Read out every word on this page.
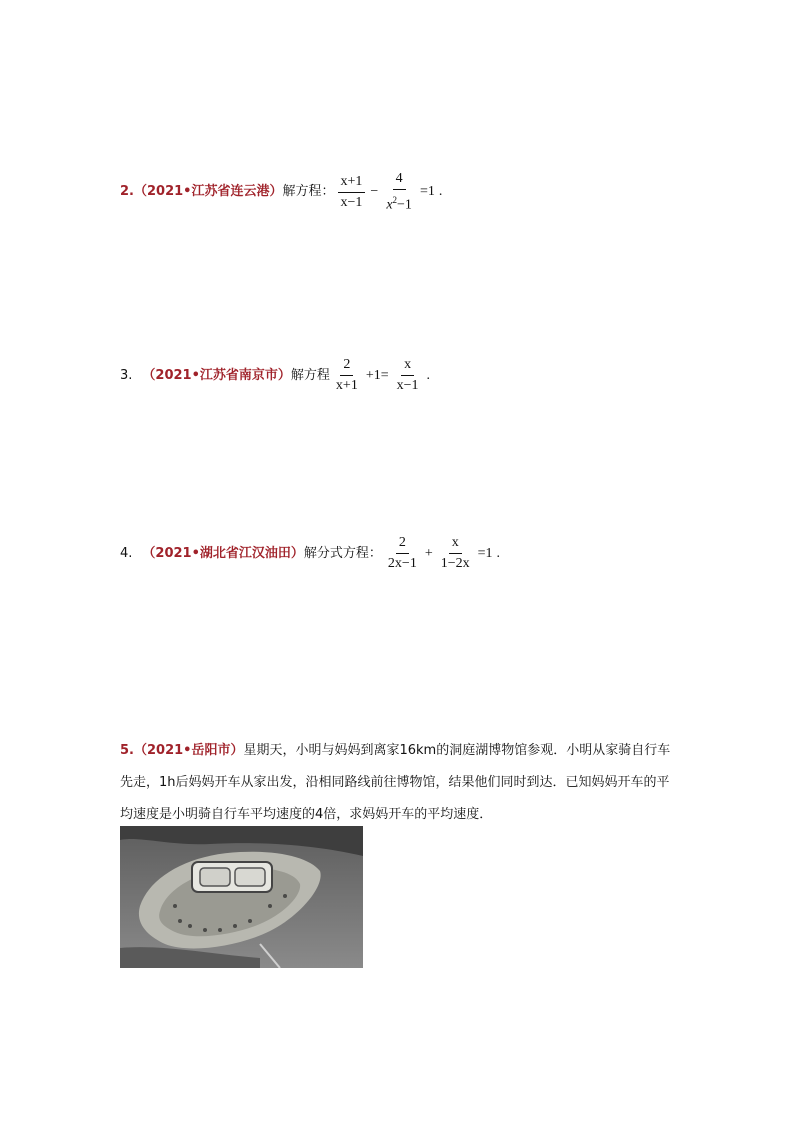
2. （2021•江苏省连云港） 解方程： $\frac{x+1}{x-1} - \frac{4}{x^2-1} =1$ .
3. （2021•江苏省南京市） 解方程 $\frac{2}{x+1} +1= \frac{x}{x-1}$ .
4. （2021•湖北省江汉油田） 解分式方程： $\frac{2}{2x-1} + \frac{x}{1-2x} =1$ .
5.（2021•岳阳市）星期天，小明与妈妈到离家16km的洞庭湖博物馆参观．小明从家骑自行车先走，1h后妈妈开车从家出发，沿相同路线前往博物馆，结果他们同时到达．已知妈妈开车的平均速度是小明骑自行车平均速度的4倍，求妈妈开车的平均速度．
